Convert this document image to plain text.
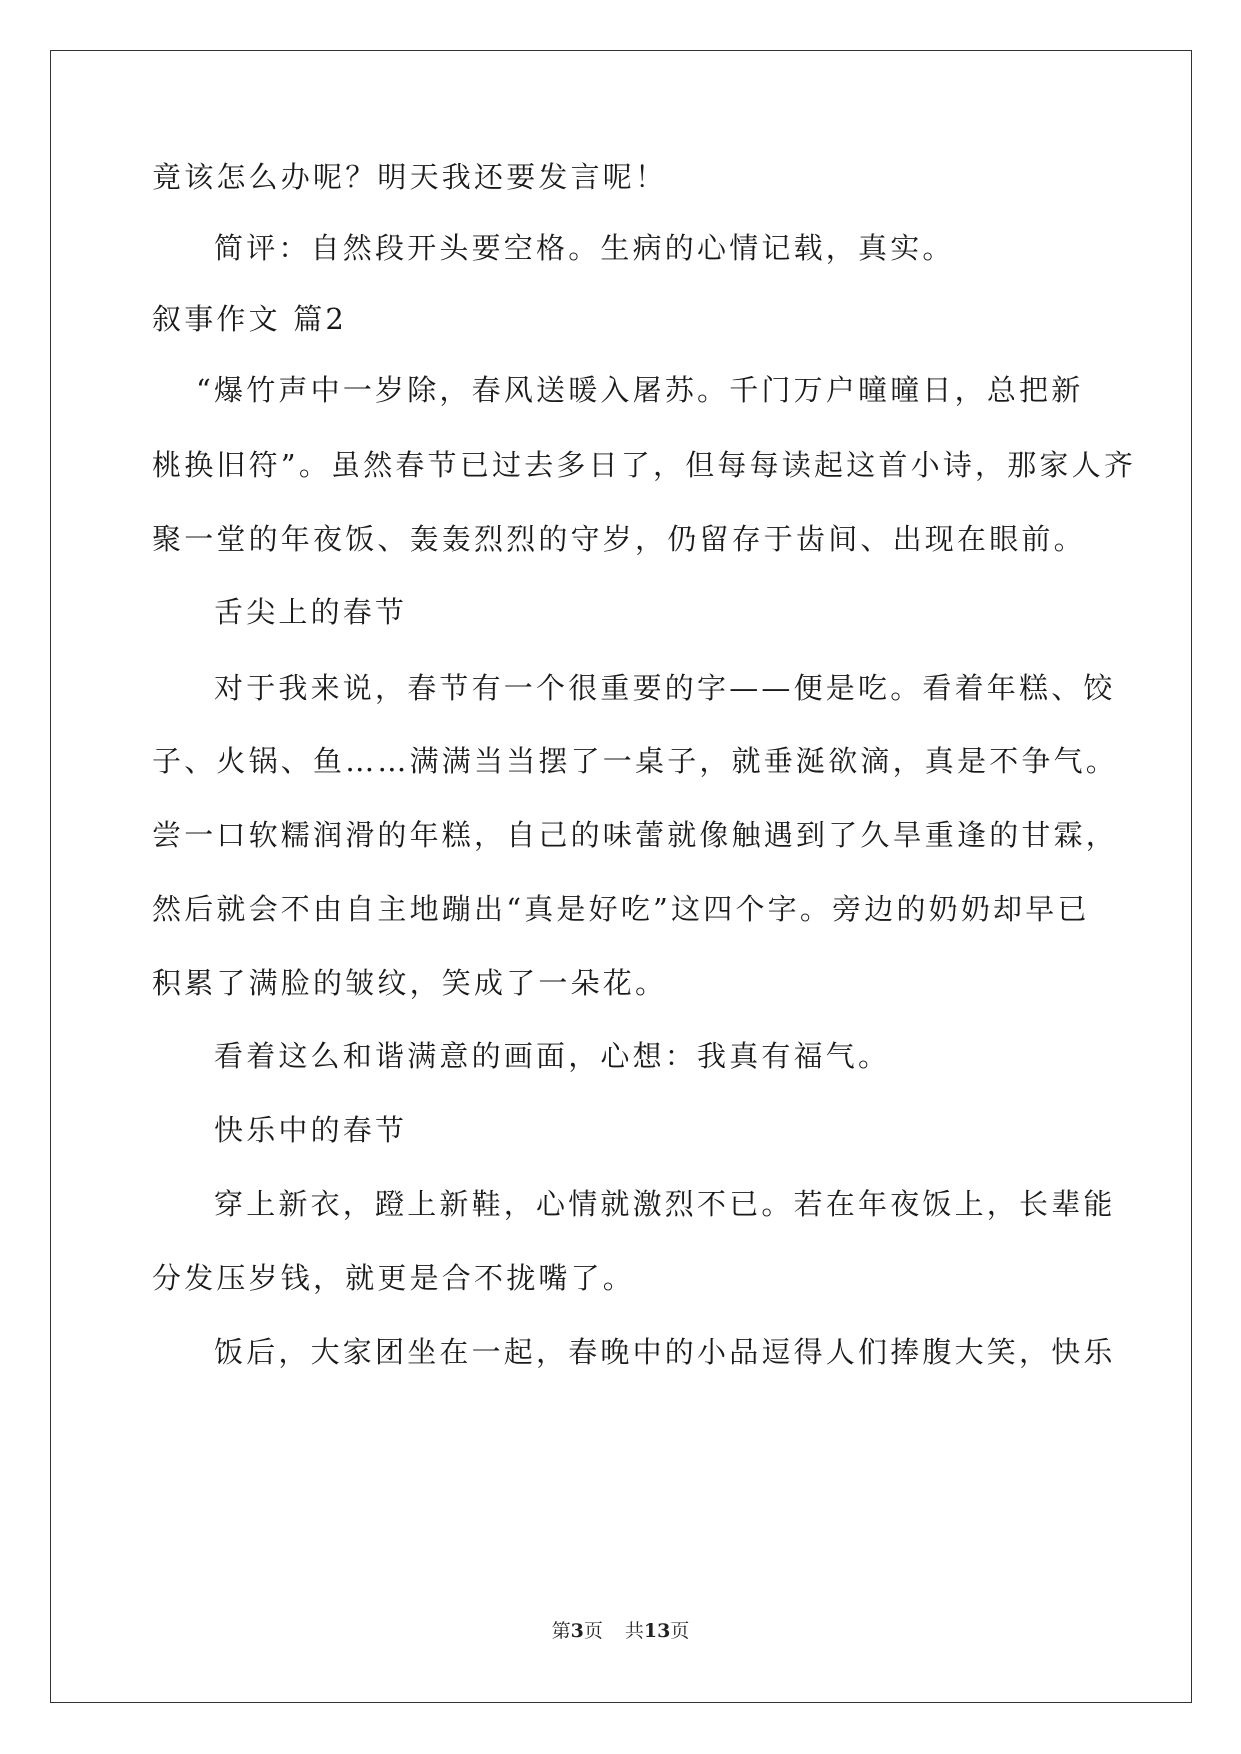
竟该怎么办呢？明天我还要发言呢！
简评：自然段开头要空格。生病的心情记载，真实。
叙事作文 篇2
“爆竹声中一岁除，春风送暖入屠苏。千门万户曈曈日，总把新
桃换旧符”。虽然春节已过去多日了，但每每读起这首小诗，那家人齐
聚一堂的年夜饭、轰轰烈烈的守岁，仍留存于齿间、出现在眼前。
舌尖上的春节
对于我来说，春节有一个很重要的字——便是吃。看着年糕、饺
子、火锅、鱼……满满当当摆了一桌子，就垂涎欲滴，真是不争气。
尝一口软糯润滑的年糕，自己的味蕾就像触遇到了久旱重逢的甘霖，
然后就会不由自主地蹦出“真是好吃”这四个字。旁边的奶奶却早已
积累了满脸的皱纹，笑成了一朵花。
看着这么和谐满意的画面，心想：我真有福气。
快乐中的春节
穿上新衣，蹬上新鞋，心情就激烈不已。若在年夜饭上，长辈能
分发压岁钱，就更是合不拢嘴了。
饭后，大家团坐在一起，春晚中的小品逗得人们捧腹大笑，快乐
第3页 共13页
